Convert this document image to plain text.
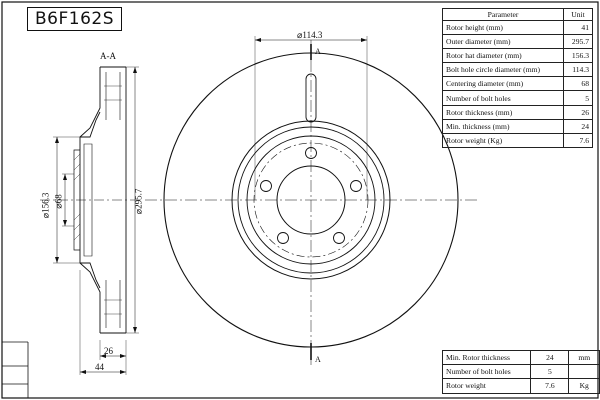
B6F162S
A-A
⌀295.7
⌀156.3 ⌀68
26
44
⌀114.3
A
A
Parameter	Unit
Rotor height (mm)	41
Outer diameter (mm)	295.7
Rotor hat diameter (mm)	156.3
Bolt hole circle diameter (mm)	114.3
Centering diameter (mm)	68
Number of bolt holes	5
Rotor thickness (mm)	26
Min. thickness (mm)	24
Rotor weight (Kg)	7.6
Min. Rotor thickness	24	mm
Number of bolt holes	5	
Rotor weight	7.6	Kg
